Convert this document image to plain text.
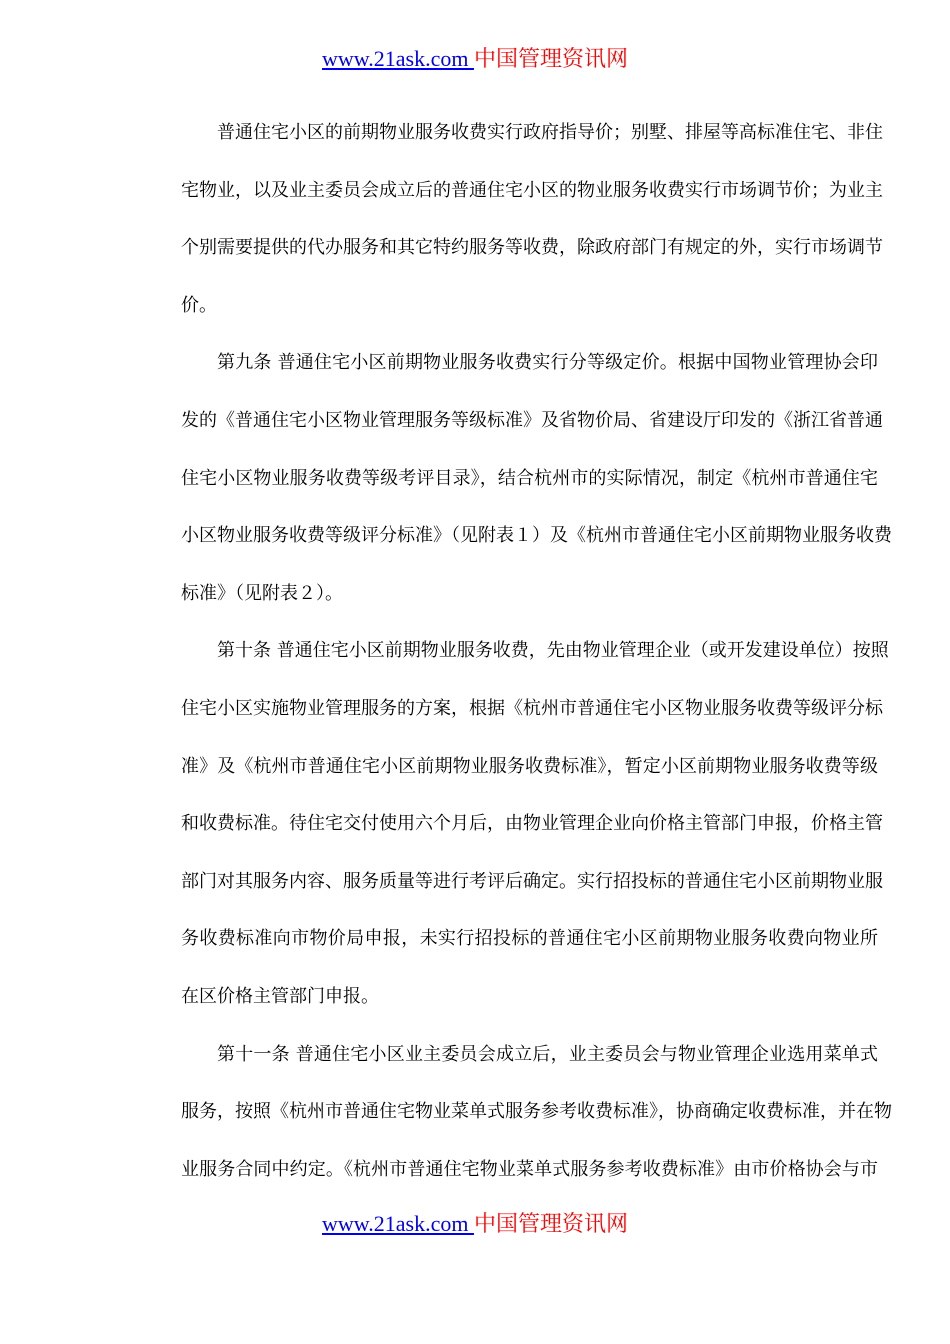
www.21ask.com 中国管理资讯网
普通住宅小区的前期物业服务收费实行政府指导价；别墅、排屋等高标准住宅、非住
宅物业，以及业主委员会成立后的普通住宅小区的物业服务收费实行市场调节价；为业主
个别需要提供的代办服务和其它特约服务等收费，除政府部门有规定的外，实行市场调节
价。
第九条 普通住宅小区前期物业服务收费实行分等级定价。根据中国物业管理协会印
发的《普通住宅小区物业管理服务等级标准》及省物价局、省建设厅印发的《浙江省普通
住宅小区物业服务收费等级考评目录》，结合杭州市的实际情况，制定《杭州市普通住宅
小区物业服务收费等级评分标准》（见附表１）及《杭州市普通住宅小区前期物业服务收费
标准》（见附表２）。
第十条 普通住宅小区前期物业服务收费，先由物业管理企业（或开发建设单位）按照
住宅小区实施物业管理服务的方案，根据《杭州市普通住宅小区物业服务收费等级评分标
准》及《杭州市普通住宅小区前期物业服务收费标准》，暂定小区前期物业服务收费等级
和收费标准。待住宅交付使用六个月后，由物业管理企业向价格主管部门申报，价格主管
部门对其服务内容、服务质量等进行考评后确定。实行招投标的普通住宅小区前期物业服
务收费标准向市物价局申报，未实行招投标的普通住宅小区前期物业服务收费向物业所
在区价格主管部门申报。
第十一条 普通住宅小区业主委员会成立后，业主委员会与物业管理企业选用菜单式
服务，按照《杭州市普通住宅物业菜单式服务参考收费标准》，协商确定收费标准，并在物
业服务合同中约定。《杭州市普通住宅物业菜单式服务参考收费标准》由市价格协会与市
www.21ask.com 中国管理资讯网
